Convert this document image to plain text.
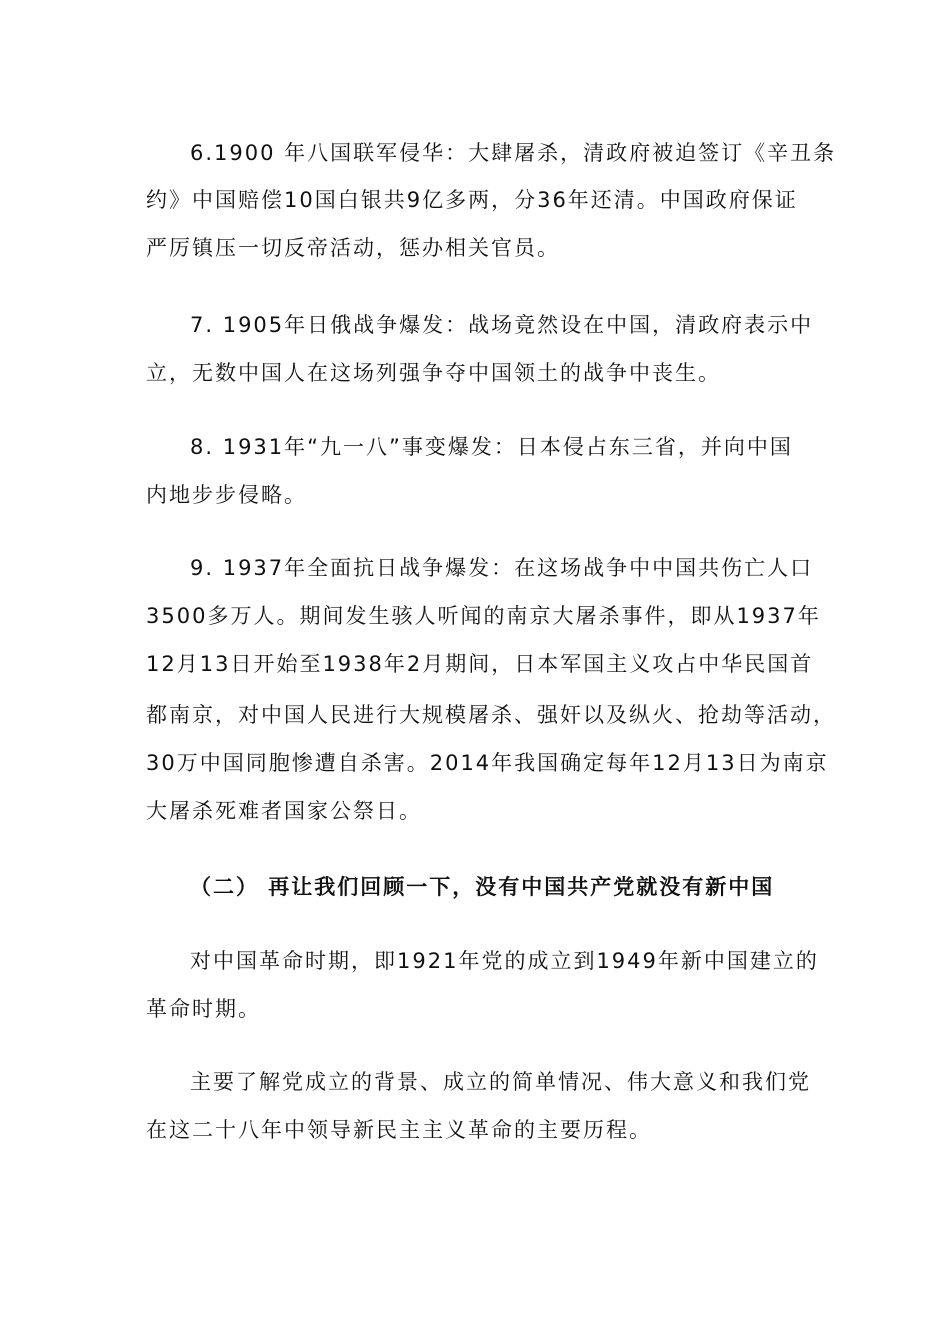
6.1900 年八国联军侵华：大肆屠杀，清政府被迫签订《辛丑条
约》中国赔偿10国白银共9亿多两，分36年还清。中国政府保证
严厉镇压一切反帝活动，惩办相关官员。
7. 1905年日俄战争爆发：战场竟然设在中国，清政府表示中
立，无数中国人在这场列强争夺中国领土的战争中丧生。
8. 1931年“九一八”事变爆发：日本侵占东三省，并向中国
内地步步侵略。
9. 1937年全面抗日战争爆发：在这场战争中中国共伤亡人口
3500多万人。期间发生骇人听闻的南京大屠杀事件，即从1937年
12月13日开始至1938年2月期间，日本军国主义攻占中华民国首
都南京，对中国人民进行大规模屠杀、强奸以及纵火、抢劫等活动，
30万中国同胞惨遭自杀害。2014年我国确定每年12月13日为南京
大屠杀死难者国家公祭日。
（二） 再让我们回顾一下，没有中国共产党就没有新中国
对中国革命时期，即1921年党的成立到1949年新中国建立的
革命时期。
主要了解党成立的背景、成立的简单情况、伟大意义和我们党
在这二十八年中领导新民主主义革命的主要历程。
